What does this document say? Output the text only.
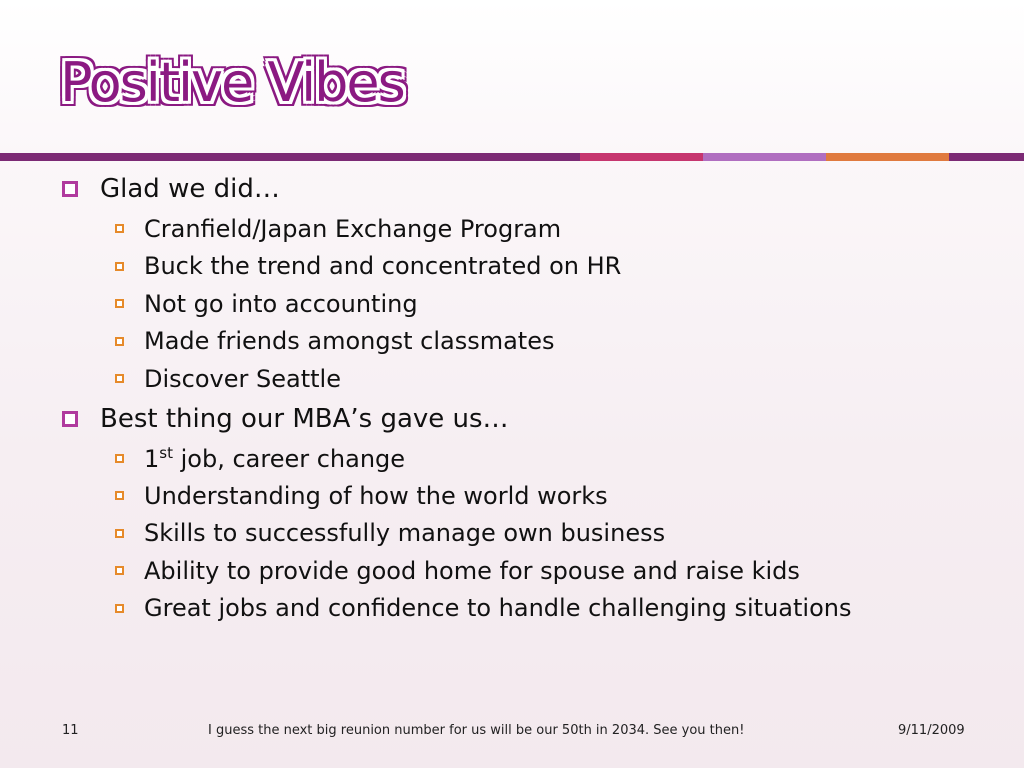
Positive Vibes
Glad we did…
Cranfield/Japan Exchange Program
Buck the trend and concentrated on HR
Not go into accounting
Made friends amongst classmates
Discover Seattle
Best thing our MBA’s gave us…
1st job, career change
Understanding of how the world works
Skills to successfully manage own business
Ability to provide good home for spouse and raise kids
Great jobs and confidence to handle challenging situations
11	I guess the next big reunion number for us will be our 50th in 2034. See you then!	9/11/2009
